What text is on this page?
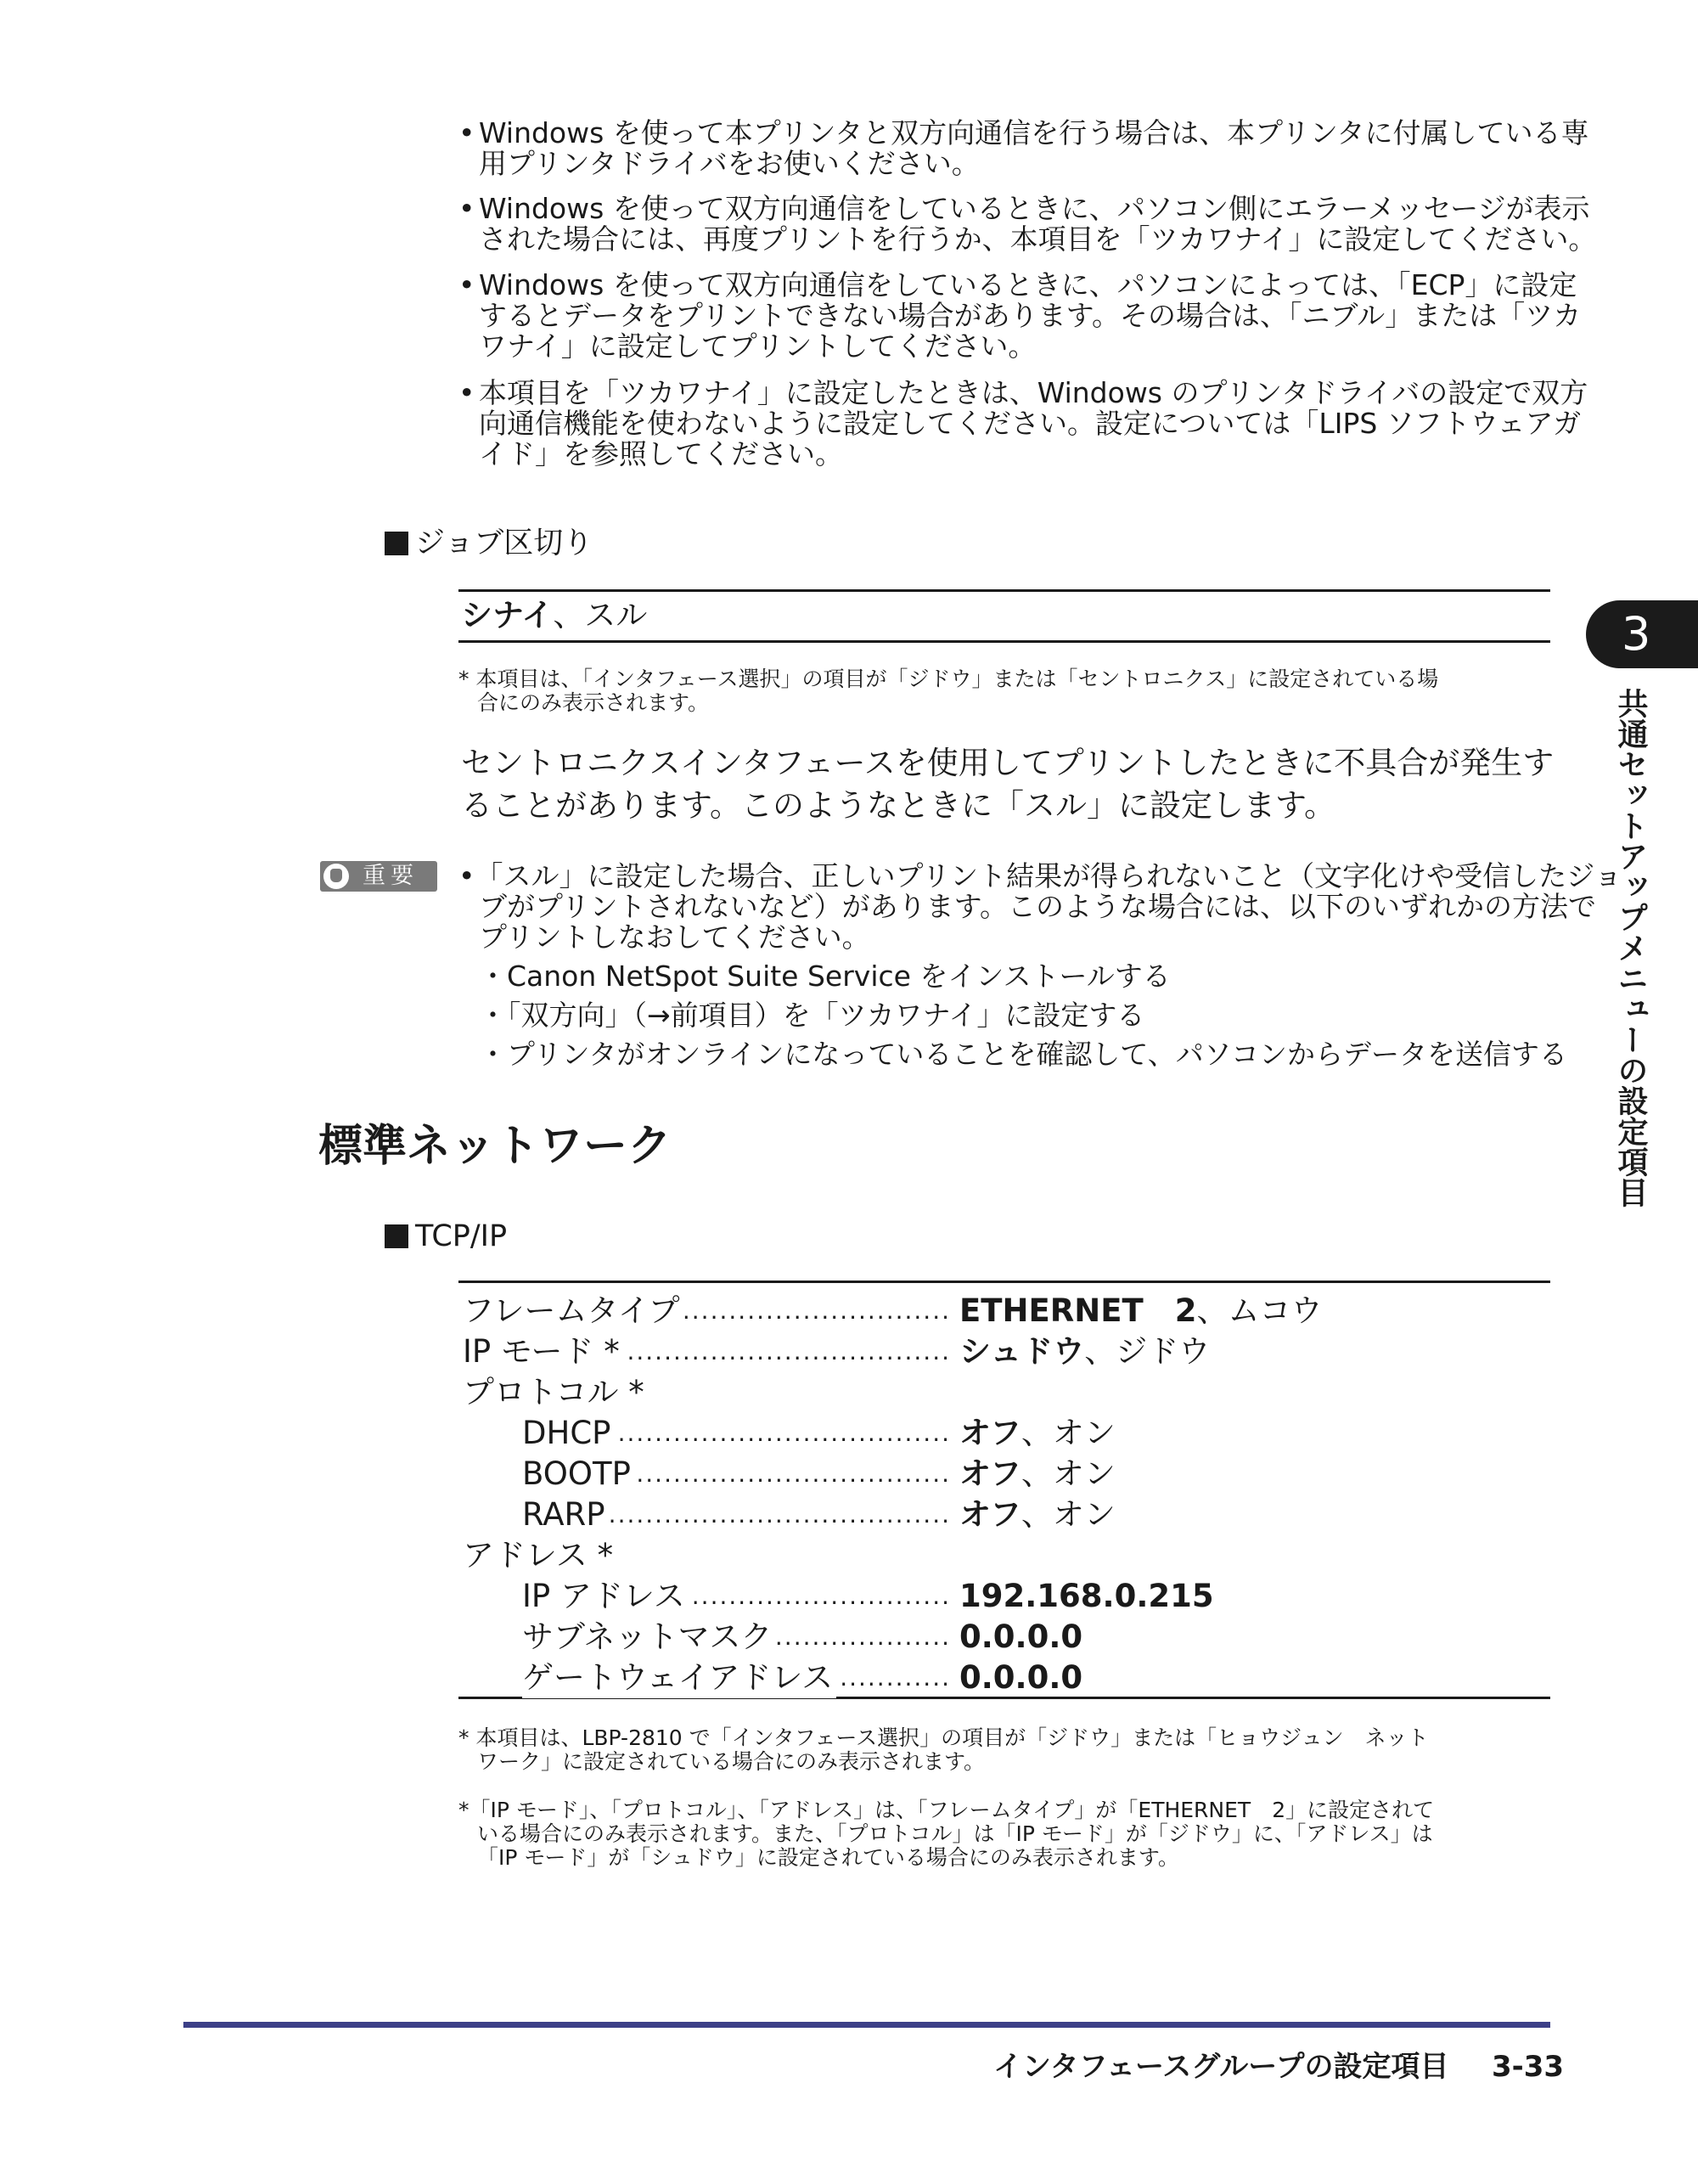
• Windows を使って本プリンタと双方向通信を行う場合は、本プリンタに付属している専
用プリンタドライバをお使いください。
• Windows を使って双方向通信をしているときに、パソコン側にエラーメッセージが表示
された場合には、再度プリントを行うか、本項目を「ツカワナイ」に設定してください。
• Windows を使って双方向通信をしているときに、パソコンによっては、「ECP」に設定
するとデータをプリントできない場合があります。その場合は、「ニブル」または「ツカ
ワナイ」に設定してプリントしてください。
• 本項目を「ツカワナイ」に設定したときは、Windows のプリンタドライバの設定で双方
向通信機能を使わないように設定してください。設定については「LIPS ソフトウェアガ
イド」を参照してください。
ジョブ区切り
シナイ、スル
* 本項目は、「インタフェース選択」の項目が「ジドウ」または「セントロニクス」に設定されている場
合にのみ表示されます。
セントロニクスインタフェースを使用してプリントしたときに不具合が発生す
ることがあります。このようなときに「スル」に設定します。
重要 •「スル」に設定した場合、正しいプリント結果が得られないこと（文字化けや受信したジョ
ブがプリントされないなど）があります。このような場合には、以下のいずれかの方法で
プリントしなおしてください。
・Canon NetSpot Suite Service をインストールする
・「双方向」（→前項目）を「ツカワナイ」に設定する
・プリンタがオンラインになっていることを確認して、パソコンからデータを送信する
標準ネットワーク
TCP/IP
.....
フレームタイプ	ETHERNET　2、ムコウ
.....
IP モード *	シュドウ、ジドウ
プロトコル *
.....
DHCP	オフ、オン
.....
BOOTP	オフ、オン
.....
RARP	オフ、オン
アドレス *
.....
IP アドレス	192.168.0.215
.....
サブネットマスク	0.0.0.0
.....
ゲートウェイアドレス	0.0.0.0
* 本項目は、LBP-2810 で「インタフェース選択」の項目が「ジドウ」または「ヒョウジュン　ネット
ワーク」に設定されている場合にのみ表示されます。
*「IP モード」、「プロトコル」、「アドレス」は、「フレームタイプ」が「ETHERNET　2」に設定されて
いる場合にのみ表示されます。また、「プロトコル」は「IP モード」が「ジドウ」に、「アドレス」は
「IP モード」が「シュドウ」に設定されている場合にのみ表示されます。
3
共通セットアップメニューの設定項目
インタフェースグループの設定項目 3-33
